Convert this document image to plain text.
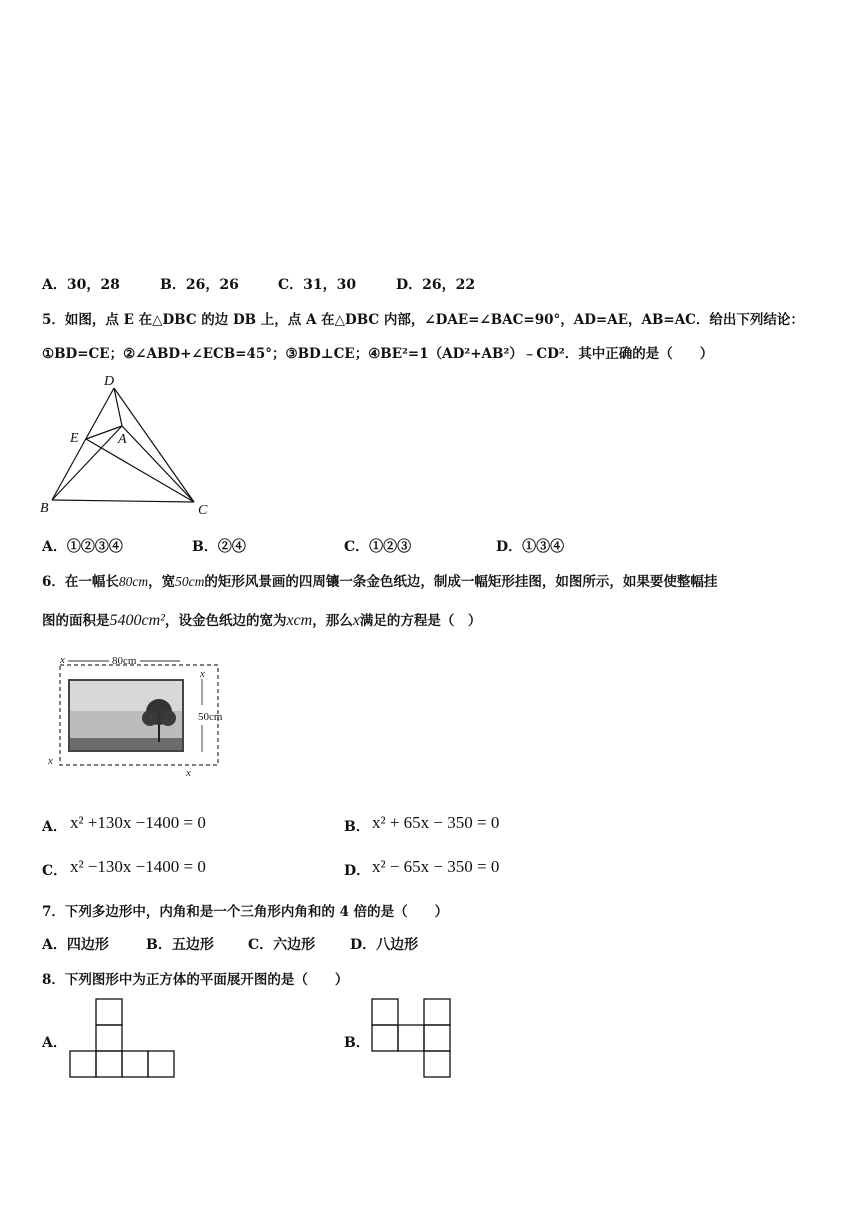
A．30，28	B．26，26	C．31，30	D．26，22
5．如图，点 E 在△DBC 的边 DB 上，点 A 在△DBC 内部，∠DAE=∠BAC=90°，AD=AE，AB=AC．给出下列结论：
①BD=CE；②∠ABD+∠ECB=45°；③BD⊥CE；④BE²=1（AD²+AB²）﹣CD²．其中正确的是（　　）
D
E	A
B	C
A．①②③④	B．②④	C．①②③	D．①③④
6．在一幅长80cm，宽50cm的矩形风景画的四周镶一条金色纸边，制成一幅矩形挂图，如图所示，如果要使整幅挂
图的面积是5400cm²，设金色纸边的宽为xcm，那么x满足的方程是（　）
80cm
50cm
x
x
x
x
A． x² +130x −1400 = 0	B． x² + 65x − 350 = 0
C． x² −130x −1400 = 0	D． x² − 65x − 350 = 0
7．下列多边形中，内角和是一个三角形内角和的 4 倍的是（　　）
A．四边形	B．五边形 C．六边形 D．八边形
8．下列图形中为正方体的平面展开图的是（　　）
A．	B．
